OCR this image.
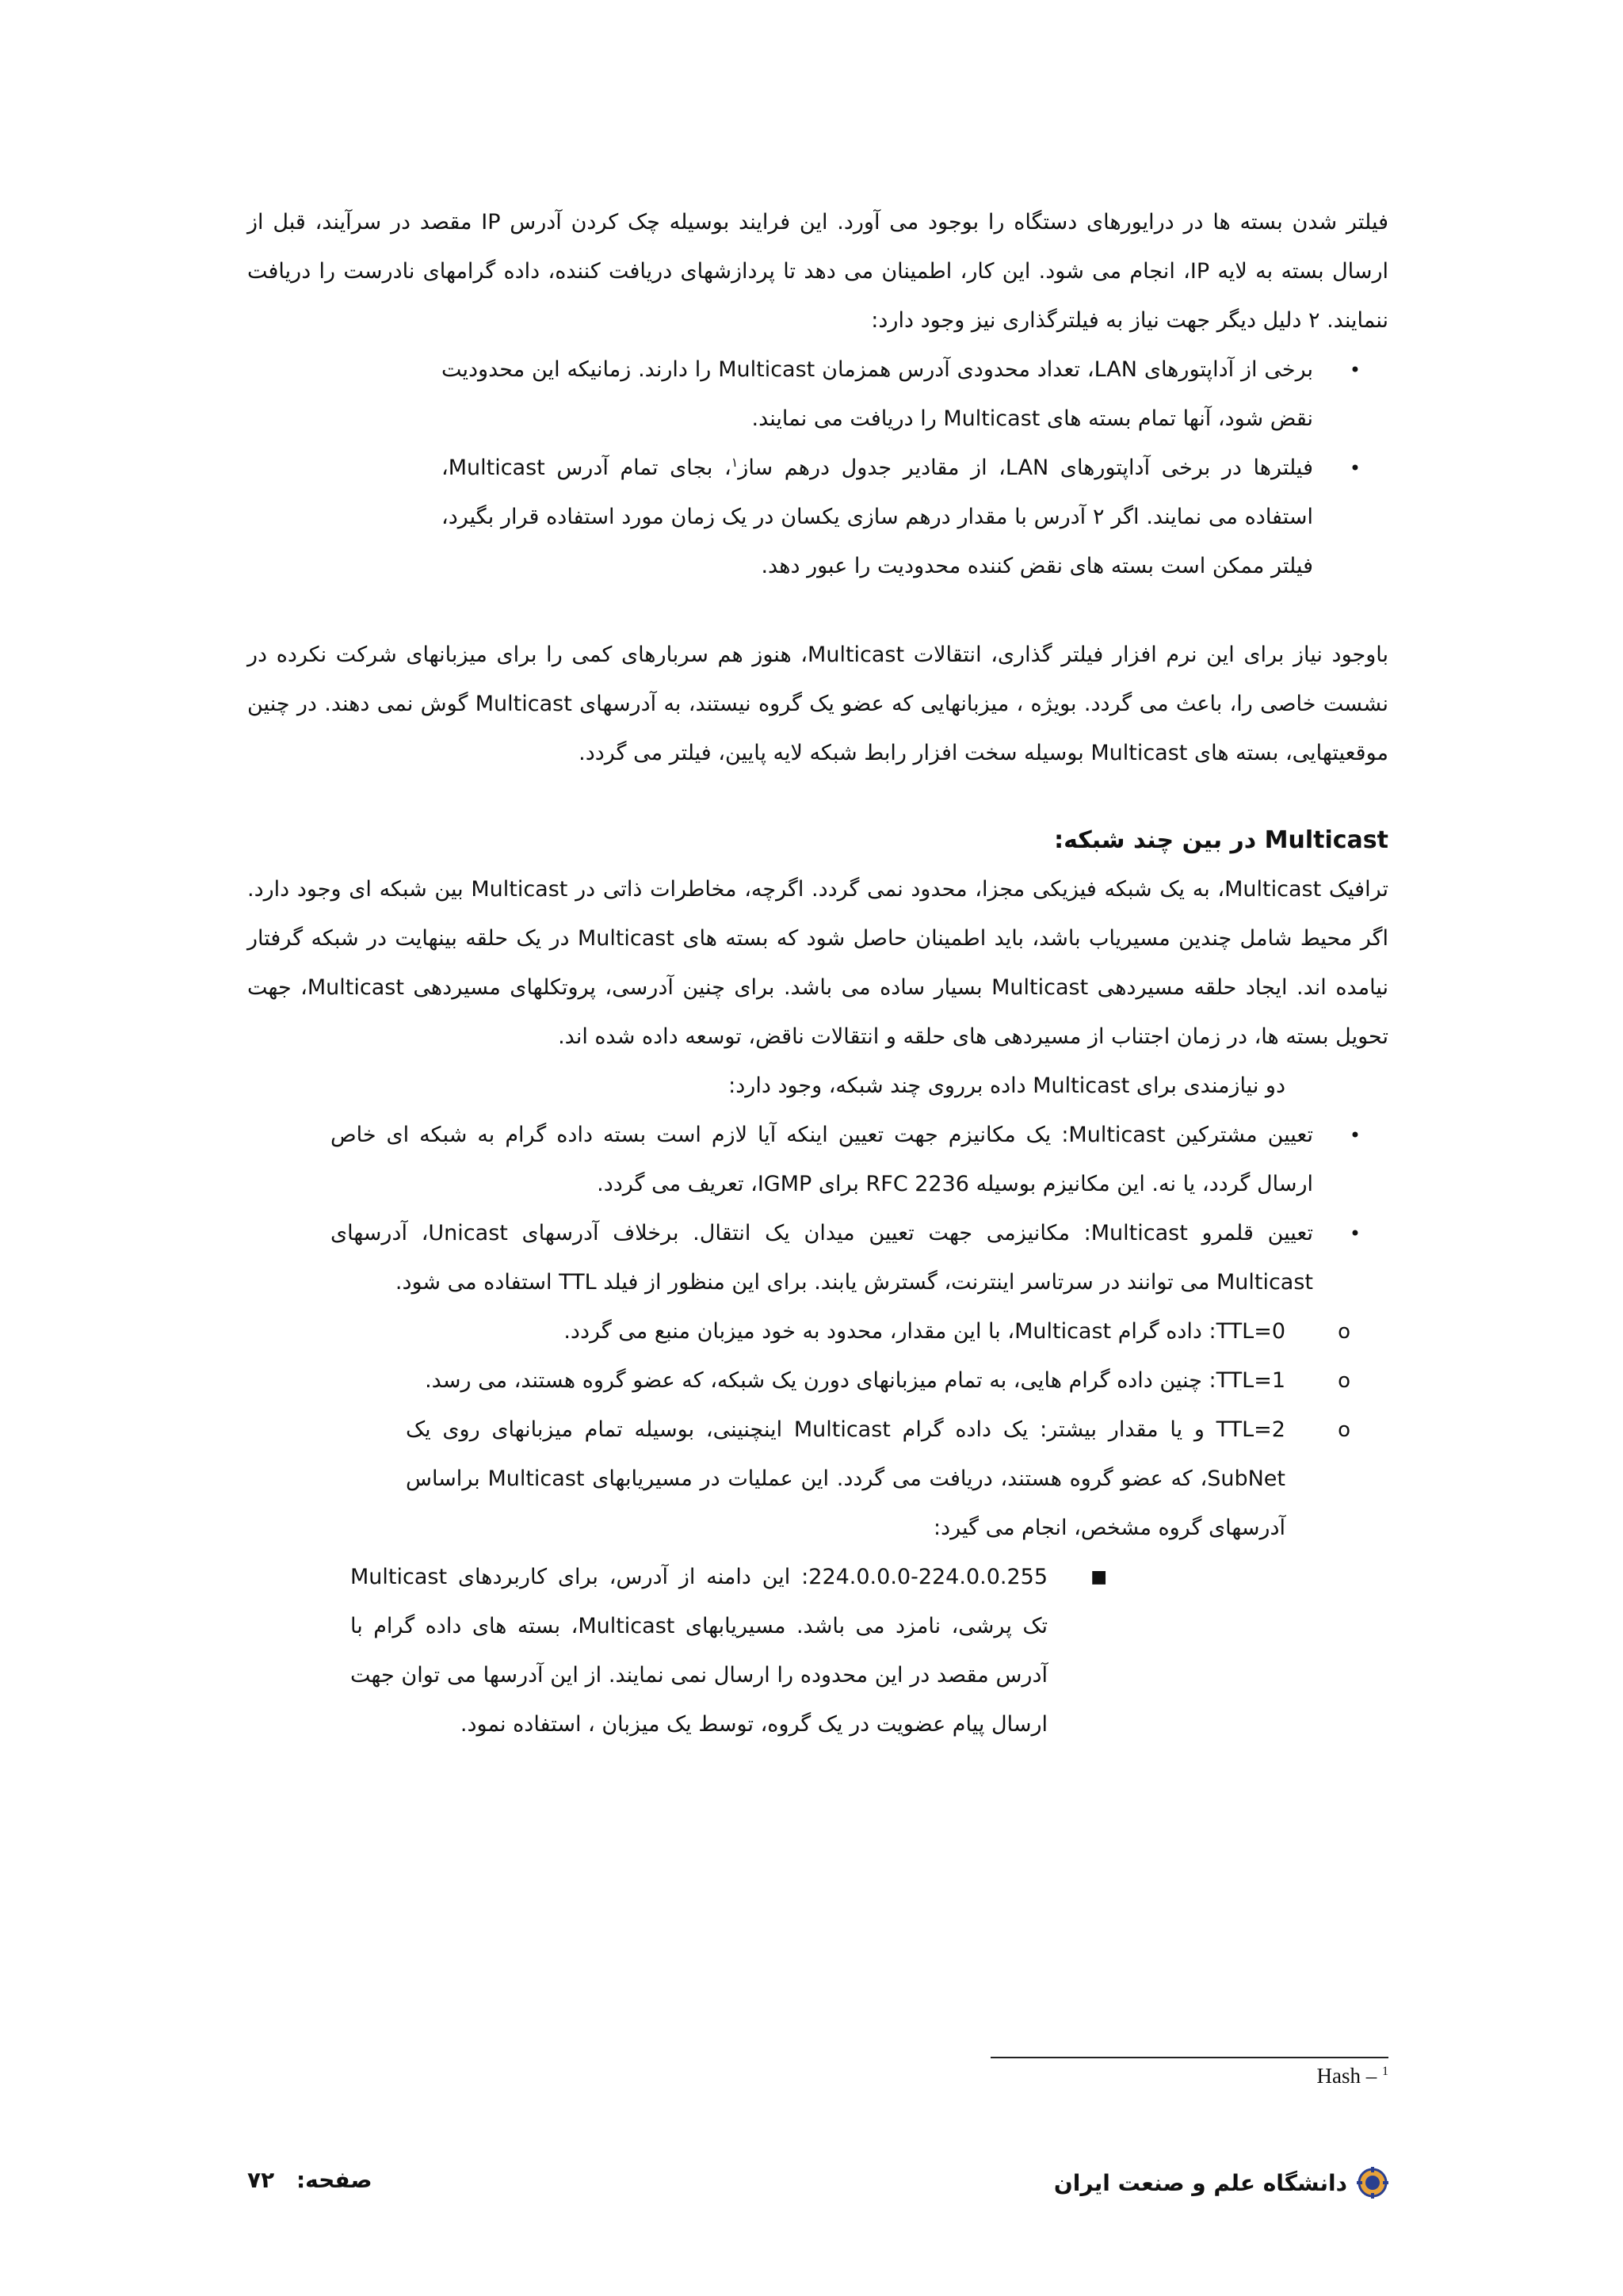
فیلتر شدن بسته ها در درایورهای دستگاه را بوجود می آورد. این فرایند بوسیله چک کردن آدرس IP مقصد در سرآیند، قبل از ارسال بسته به لایه IP، انجام می شود. این کار، اطمینان می دهد تا پردازشهای دریافت کننده، داده گرامهای نادرست را دریافت ننمایند. ۲ دلیل دیگر جهت نیاز به فیلترگذاری نیز وجود دارد:

•
برخی از آداپتورهای LAN، تعداد محدودی آدرس همزمان Multicast را دارند. زمانیکه این محدودیت نقض شود، آنها تمام بسته های Multicast را دریافت می نمایند.
•
فیلترها در برخی آداپتورهای LAN، از مقادیر جدول درهم ساز$^۱$، بجای تمام آدرس Multicast، استفاده می نمایند. اگر ۲ آدرس با مقدار درهم سازی یکسان در یک زمان مورد استفاده قرار بگیرد، فیلتر ممکن است بسته های نقض کننده محدودیت را عبور دهد.

باوجود نیاز برای این نرم افزار فیلتر گذاری، انتقالات Multicast، هنوز هم سربارهای کمی را برای میزبانهای شرکت نکرده در نشست خاصی را، باعث می گردد. بویژه ، میزبانهایی که عضو یک گروه نیستند، به آدرسهای Multicast گوش نمی دهند. در چنین موقعیتهایی، بسته های Multicast بوسیله سخت افزار رابط شبکه لایه پایین، فیلتر می گردد.

Multicast در بین چند شبکه:

ترافیک Multicast، به یک شبکه فیزیکی مجزا، محدود نمی گردد. اگرچه، مخاطرات ذاتی در Multicast بین شبکه ای وجود دارد. اگر محیط شامل چندین مسیریاب باشد، باید اطمینان حاصل شود که بسته های Multicast در یک حلقه بینهایت در شبکه گرفتار نیامده اند. ایجاد حلقه مسیردهی Multicast بسیار ساده می باشد. برای چنین آدرسی، پروتکلهای مسیردهی Multicast، جهت تحویل بسته ها، در زمان اجتناب از مسیردهی های حلقه و انتقالات ناقض، توسعه داده شده اند.

دو نیازمندی برای Multicast داده برروی چند شبکه، وجود دارد:

•
تعیین مشترکین Multicast: یک مکانیزم جهت تعیین اینکه آیا لازم است بسته داده گرام به شبکه ای خاص ارسال گردد، یا نه. این مکانیزم بوسیله RFC 2236 برای IGMP، تعریف می گردد.
•
تعیین قلمرو Multicast: مکانیزمی جهت تعیین میدان یک انتقال. برخلاف آدرسهای Unicast، آدرسهای Multicast می توانند در سرتاسر اینترنت، گسترش یابند. برای این منظور از فیلد TTL استفاده می شود.
o
TTL=0: داده گرام Multicast، با این مقدار، محدود به خود میزبان منبع می گردد.
o
TTL=1: چنین داده گرام هایی، به تمام میزبانهای دورن یک شبکه، که عضو گروه هستند، می رسد.
o
TTL=2 و یا مقدار بیشتر: یک داده گرام Multicast اینچنینی، بوسیله تمام میزبانهای روی یک SubNet، که عضو گروه هستند، دریافت می گردد. این عملیات در مسیریابهای Multicast براساس آدرسهای گروه مشخص، انجام می گیرد:
■
224.0.0.0-224.0.0.255: این دامنه از آدرس، برای کاربردهای Multicast تک پرشی، نامزد می باشد. مسیریابهای Multicast، بسته های داده گرام با آدرس مقصد در این محدوده را ارسال نمی نمایند. از این آدرسها می توان جهت ارسال پیام عضویت در یک گروه، توسط یک میزبان ، استفاده نمود.
Hash – $^1$
دانشگاه علم و صنعت ایران
صفحه: ۷۲
